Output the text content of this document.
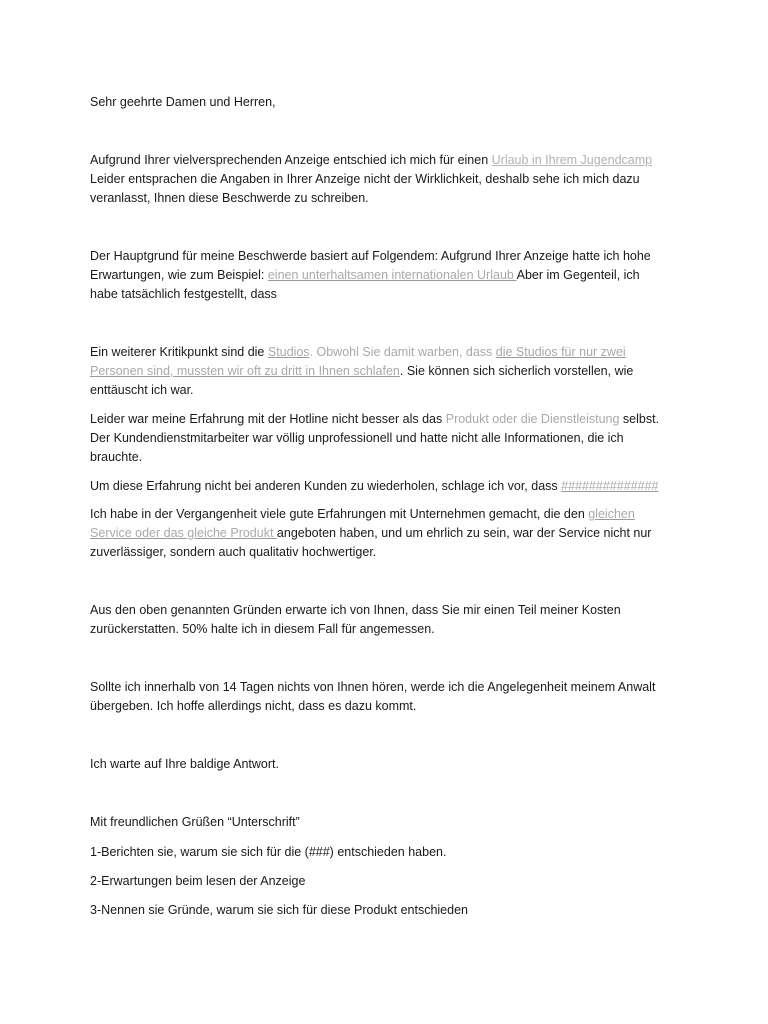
Sehr geehrte Damen und Herren,
Aufgrund Ihrer vielversprechenden Anzeige entschied ich mich für einen Urlaub in Ihrem Jugendcamp
Leider entsprachen die Angaben in Ihrer Anzeige nicht der Wirklichkeit, deshalb sehe ich mich dazu
veranlasst, Ihnen diese Beschwerde zu schreiben.
Der Hauptgrund für meine Beschwerde basiert auf Folgendem: Aufgrund Ihrer Anzeige hatte ich hohe
Erwartungen, wie zum Beispiel: einen unterhaltsamen internationalen Urlaub Aber im Gegenteil, ich
habe tatsächlich festgestellt, dass
Ein weiterer Kritikpunkt sind die Studios. Obwohl Sie damit warben, dass die Studios für nur zwei
Personen sind, mussten wir oft zu dritt in Ihnen schlafen. Sie können sich sicherlich vorstellen, wie
enttäuscht ich war.
Leider war meine Erfahrung mit der Hotline nicht besser als das Produkt oder die Dienstleistung selbst.
Der Kundendienstmitarbeiter war völlig unprofessionell und hatte nicht alle Informationen, die ich
brauchte.
Um diese Erfahrung nicht bei anderen Kunden zu wiederholen, schlage ich vor, dass ##############
Ich habe in der Vergangenheit viele gute Erfahrungen mit Unternehmen gemacht, die den gleichen
Service oder das gleiche Produkt angeboten haben, und um ehrlich zu sein, war der Service nicht nur
zuverlässiger, sondern auch qualitativ hochwertiger.
Aus den oben genannten Gründen erwarte ich von Ihnen, dass Sie mir einen Teil meiner Kosten
zurückerstatten. 50% halte ich in diesem Fall für angemessen.
Sollte ich innerhalb von 14 Tagen nichts von Ihnen hören, werde ich die Angelegenheit meinem Anwalt
übergeben. Ich hoffe allerdings nicht, dass es dazu kommt.
Ich warte auf Ihre baldige Antwort.
Mit freundlichen Grüßen “Unterschrift”
1-Berichten sie, warum sie sich für die (###) entschieden haben.
2-Erwartungen beim lesen der Anzeige
3-Nennen sie Gründe, warum sie sich für diese Produkt entschieden
